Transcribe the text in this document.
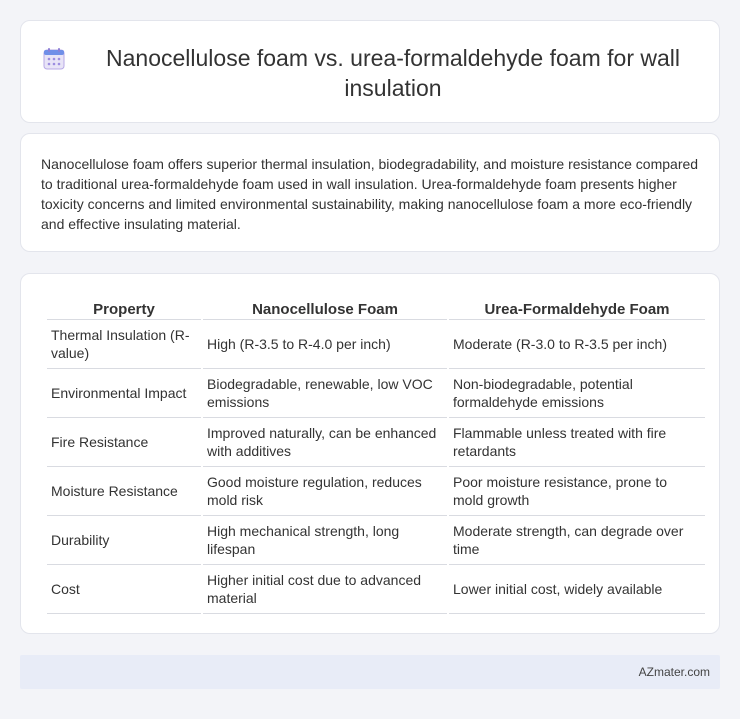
Nanocellulose foam vs. urea-formaldehyde foam for wall insulation

Nanocellulose foam offers superior thermal insulation, biodegradability, and moisture resistance compared to traditional urea-formaldehyde foam used in wall insulation. Urea-formaldehyde foam presents higher toxicity concerns and limited environmental sustainability, making nanocellulose foam a more eco-friendly and effective insulating material.

Property	Nanocellulose Foam	Urea-Formaldehyde Foam
Thermal Insulation (R-value)	High (R-3.5 to R-4.0 per inch)	Moderate (R-3.0 to R-3.5 per inch)
Environmental Impact	Biodegradable, renewable, low VOC emissions	Non-biodegradable, potential formaldehyde emissions
Fire Resistance	Improved naturally, can be enhanced with additives	Flammable unless treated with fire retardants
Moisture Resistance	Good moisture regulation, reduces mold risk	Poor moisture resistance, prone to mold growth
Durability	High mechanical strength, long lifespan	Moderate strength, can degrade over time
Cost	Higher initial cost due to advanced material	Lower initial cost, widely available
AZmater.com
